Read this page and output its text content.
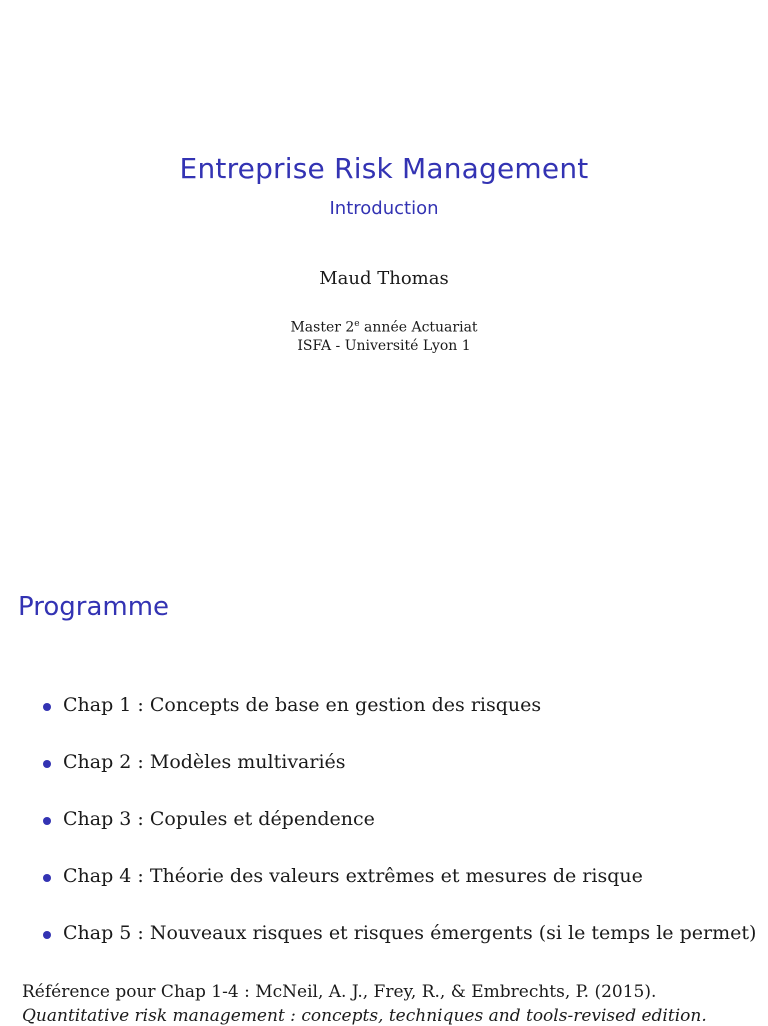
Entreprise Risk Management
Introduction
Maud Thomas
Master 2e année Actuariat
ISFA - Université Lyon 1
Programme
Chap 1 : Concepts de base en gestion des risques
Chap 2 : Modèles multivariés
Chap 3 : Copules et dépendence
Chap 4 : Théorie des valeurs extrêmes et mesures de risque
Chap 5 : Nouveaux risques et risques émergents (si le temps le permet)
Référence pour Chap 1-4 : McNeil, A. J., Frey, R., & Embrechts, P. (2015).
Quantitative risk management : concepts, techniques and tools-revised edition.
